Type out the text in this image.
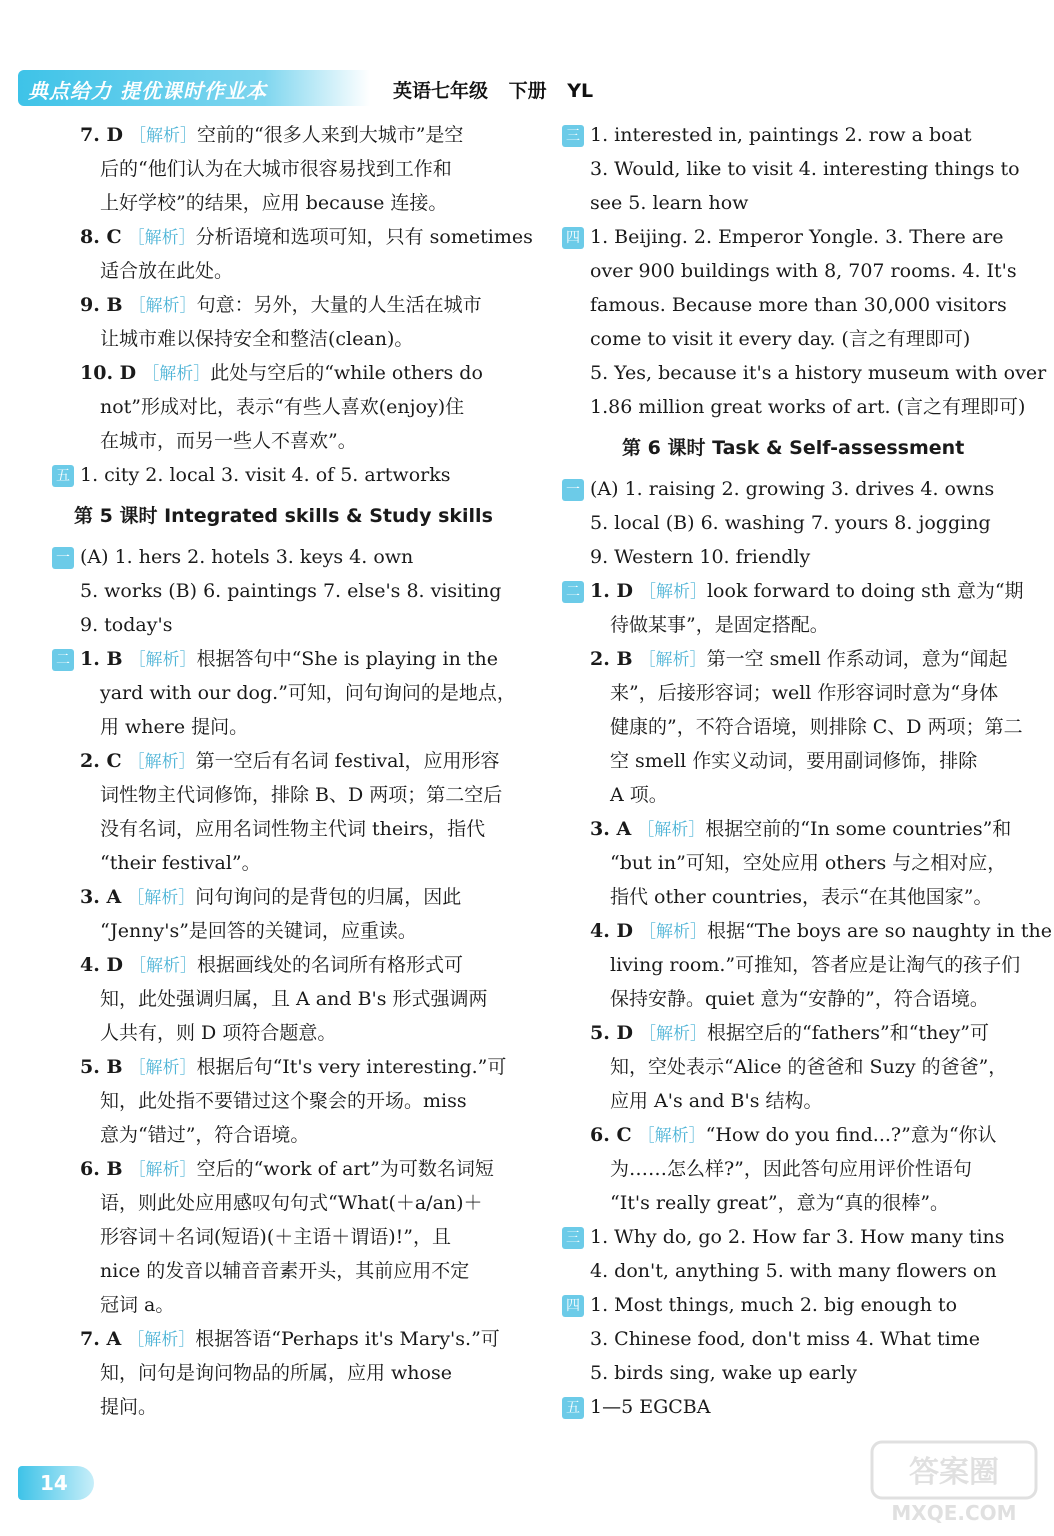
典点给力 提优课时作业本	英语七年级 下册 YL
7. D ［解析］空前的“很多人来到大城市”是空
后的“他们认为在大城市很容易找到工作和
上好学校”的结果，应用 because 连接。
8. C ［解析］分析语境和选项可知，只有 sometimes
适合放在此处。
9. B ［解析］句意：另外，大量的人生活在城市
让城市难以保持安全和整洁(clean)。
10. D ［解析］此处与空后的“while others do
not”形成对比，表示“有些人喜欢(enjoy)住
在城市，而另一些人不喜欢”。
五 1. city 2. local 3. visit 4. of 5. artworks
第 5 课时 Integrated skills & Study skills
一 (A) 1. hers 2. hotels 3. keys 4. own
5. works (B) 6. paintings 7. else's 8. visiting
9. today's
二 1. B ［解析］根据答句中“She is playing in the
yard with our dog.”可知，问句询问的是地点，
用 where 提问。
2. C ［解析］第一空后有名词 festival，应用形容
词性物主代词修饰，排除 B、D 两项；第二空后
没有名词，应用名词性物主代词 theirs，指代
“their festival”。
3. A ［解析］问句询问的是背包的归属，因此
“Jenny's”是回答的关键词，应重读。
4. D ［解析］根据画线处的名词所有格形式可
知，此处强调归属，且 A and B's 形式强调两
人共有，则 D 项符合题意。
5. B ［解析］根据后句“It's very interesting.”可
知，此处指不要错过这个聚会的开场。miss
意为“错过”，符合语境。
6. B ［解析］空后的“work of art”为可数名词短
语，则此处应用感叹句句式“What(＋a/an)＋
形容词＋名词(短语)(＋主语＋谓语)!”，且
nice 的发音以辅音音素开头，其前应用不定
冠词 a。
7. A ［解析］根据答语“Perhaps it's Mary's.”可
知，问句是询问物品的所属，应用 whose
提问。
三 1. interested in, paintings 2. row a boat
3. Would, like to visit 4. interesting things to
see 5. learn how
四 1. Beijing. 2. Emperor Yongle. 3. There are
over 900 buildings with 8, 707 rooms. 4. It's
famous. Because more than 30,000 visitors
come to visit it every day. (言之有理即可)
5. Yes, because it's a history museum with over
1.86 million great works of art. (言之有理即可)
第 6 课时 Task & Self-assessment
一 (A) 1. raising 2. growing 3. drives 4. owns
5. local (B) 6. washing 7. yours 8. jogging
9. Western 10. friendly
二 1. D ［解析］look forward to doing sth 意为“期
待做某事”，是固定搭配。
2. B ［解析］第一空 smell 作系动词，意为“闻起
来”，后接形容词；well 作形容词时意为“身体
健康的”，不符合语境，则排除 C、D 两项；第二
空 smell 作实义动词，要用副词修饰，排除
A 项。
3. A ［解析］根据空前的“In some countries”和
“but in”可知，空处应用 others 与之相对应，
指代 other countries，表示“在其他国家”。
4. D ［解析］根据“The boys are so naughty in the
living room.”可推知，答者应是让淘气的孩子们
保持安静。quiet 意为“安静的”，符合语境。
5. D ［解析］根据空后的“fathers”和“they”可
知，空处表示“Alice 的爸爸和 Suzy 的爸爸”，
应用 A's and B's 结构。
6. C ［解析］“How do you find...?”意为“你认
为……怎么样?”，因此答句应用评价性语句
“It's really great”，意为“真的很棒”。
三 1. Why do, go 2. How far 3. How many tins
4. don't, anything 5. with many flowers on
四 1. Most things, much 2. big enough to
3. Chinese food, don't miss 4. What time
5. birds sing, wake up early
五 1—5 EGCBA
14	答案圈
MXQE.COM
